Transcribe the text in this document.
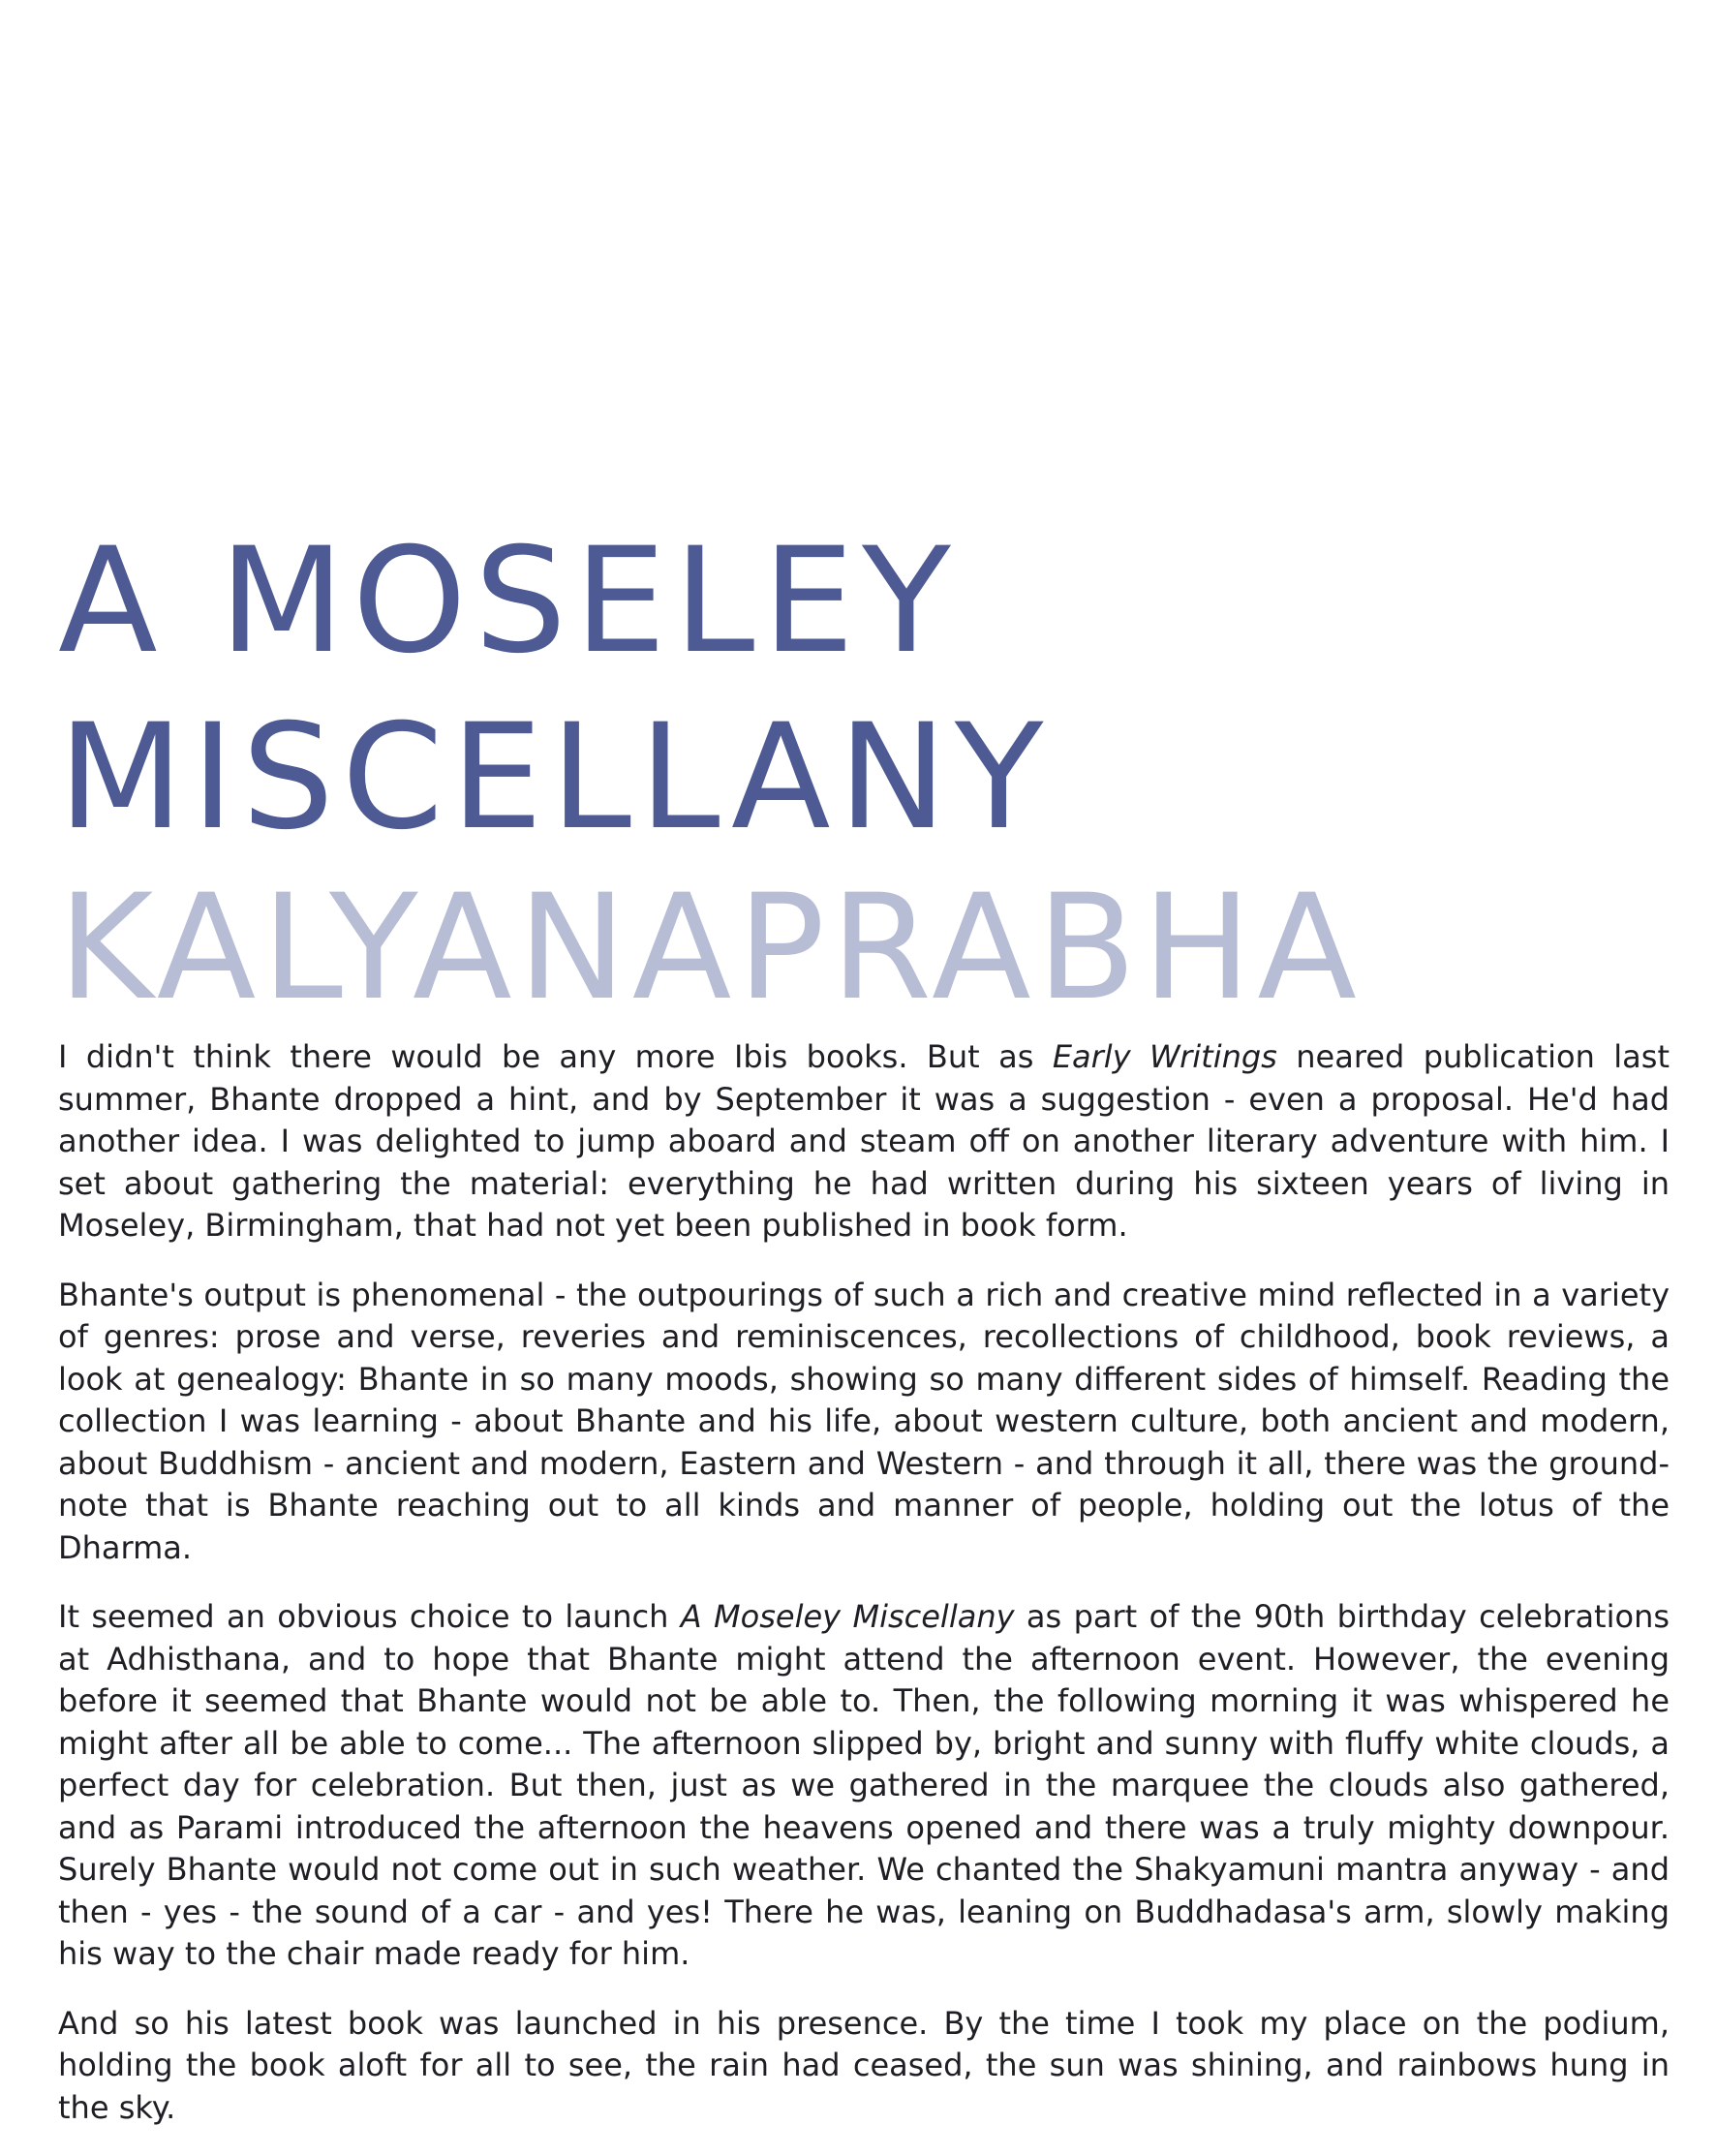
A MOSELEY
MISCELLANY
KALYANAPRABHA

I didn't think there would be any more Ibis books. But as Early Writings neared publication last summer, Bhante dropped a hint, and by September it was a suggestion - even a proposal. He'd had another idea. I was delighted to jump aboard and steam off on another literary adventure with him. I set about gathering the material: everything he had written during his sixteen years of living in Moseley, Birmingham, that had not yet been published in book form.

Bhante's output is phenomenal - the outpourings of such a rich and creative mind reflected in a variety of genres: prose and verse, reveries and reminiscences, recollections of childhood, book reviews, a look at genealogy: Bhante in so many moods, showing so many different sides of himself. Reading the collection I was learning - about Bhante and his life, about western culture, both ancient and modern, about Buddhism - ancient and modern, Eastern and Western - and through it all, there was the ground-note that is Bhante reaching out to all kinds and manner of people, holding out the lotus of the Dharma.

It seemed an obvious choice to launch A Moseley Miscellany as part of the 90th birthday celebrations at Adhisthana, and to hope that Bhante might attend the afternoon event. However, the evening before it seemed that Bhante would not be able to. Then, the following morning it was whispered he might after all be able to come... The afternoon slipped by, bright and sunny with fluffy white clouds, a perfect day for celebration. But then, just as we gathered in the marquee the clouds also gathered, and as Parami introduced the afternoon the heavens opened and there was a truly mighty downpour. Surely Bhante would not come out in such weather. We chanted the Shakyamuni mantra anyway - and then - yes - the sound of a car - and yes! There he was, leaning on Buddhadasa's arm, slowly making his way to the chair made ready for him.

And so his latest book was launched in his presence. By the time I took my place on the podium, holding the book aloft for all to see, the rain had ceased, the sun was shining, and rainbows hung in the sky.
